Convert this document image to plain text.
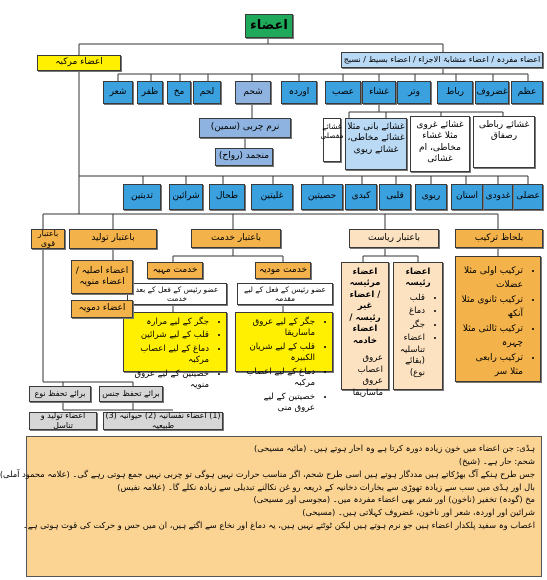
اعضاء
اعضاء مرکبہ	اعضاء مفردہ / اعضاء متشابۃ الاجزاء / اعضاء بسیط / نسیج
عظم
غضروف
رباط
وتر
غشاء
عصب
اوردہ
شحم
لحم
مخ
ظفر
شعر
غشائے رباطی رصفاق
غشائے غروی مثلا غشاء مخاطی، ام غشائی
غشائے بانی مثلا غشائے مخاطی، غشائے ریوی
غشائے مفصلی
نرم چربی (سمین)
منجمد (رواح)
عضلی
غدودی
استان
ریوی
قلبی
کبدی
حصیتین
غلیتین
طحال
شرائین
تدیتین
بلحاظ ترکیب
باعتبار ریاست
باعتبار خدمت
باعتبار تولید
باعتبار قوی
• ترکیب اولی مثلا عضلات
• ترکیب ثانوی مثلا آنکھ
• ترکیب ثالثی مثلا چہرہ
• ترکیب رابعی مثلا سر
اعضاء رئیسہ
• قلب
• دماغ
• جگر
• اعضاء تناسلیہ (بقائے نوع)
اعضاء مرئیسہ / اعضاء غیر رئیسہ / اعضاء خادمہ
عروق
اعصاب
عروق ماساریقا
خدمت مودیہ
عضو رئیس کے فعل کے لیے مقدمہ
• جگر کے لیے عروق ماساریقا
• قلب کے لیے شریان الکبیرہ
• دماغ کے لیے اعصاب مرکبہ
• خصیتین کے لیے عروق منی
خدمت مہیہ
عضو رئیس کے فعل کے بعد خدمت
• جگر کے لیے مرارہ
• قلب کے لیے شرائین
• دماغ کے لیے اعصاب مرکبہ
• خصیتین کے لیے عروق منویہ
اعضاء اصلیہ / اعضاء منویہ
اعضاء دمویہ
برائے تحفظ نوع	برائے تحفظ جنس
اعضاء تولید و تناسل
(1) اعضاء نفسانیہ (2) حیوانیہ (3) طبیعیہ
ہڈی: جن اعضاء میں خون زیادہ دورہ کرتا ہے وہ احار ہوتے ہیں۔ (مائیہ مسیحی)
شحم: حار ہے۔ (شیخ)
جس طرح ہنکے آگ بھڑکاتے ہیں مددگار ہوتے ہیں اسی طرح شحم، اگر مناسب حرارت نہیں ہوگی تو چربی نہیں جمع ہوتی رہے گی۔ (علامہ محمود آملی)
بال اور ہڈی میں سب سے زیادہ تھوڑی سے بخارات دخانیہ کے ذریعہ رو غن نکالنے تبدیلی سے زیادہ نکلے گا۔ (علامہ نفیس)
مخ (گودہ) تخفیر (ناخون) اور شعر بھی اعضاء مفردہ میں۔ (مجوسی اور مسیحی)
شرائین اور اوردہ، شعر اور ناخون، غضروف کہلاتی ہیں۔ (مسیحی)
اعصاب وہ سفید پلکدار اعضاء ہیں جو نرم ہوتے ہیں لیکن ٹوٹتے نہیں ہیں، یہ دماغ اور نخاع سے اگتے ہیں، ان میں حس و حرکت کی قوت ہوتی ہے۔
